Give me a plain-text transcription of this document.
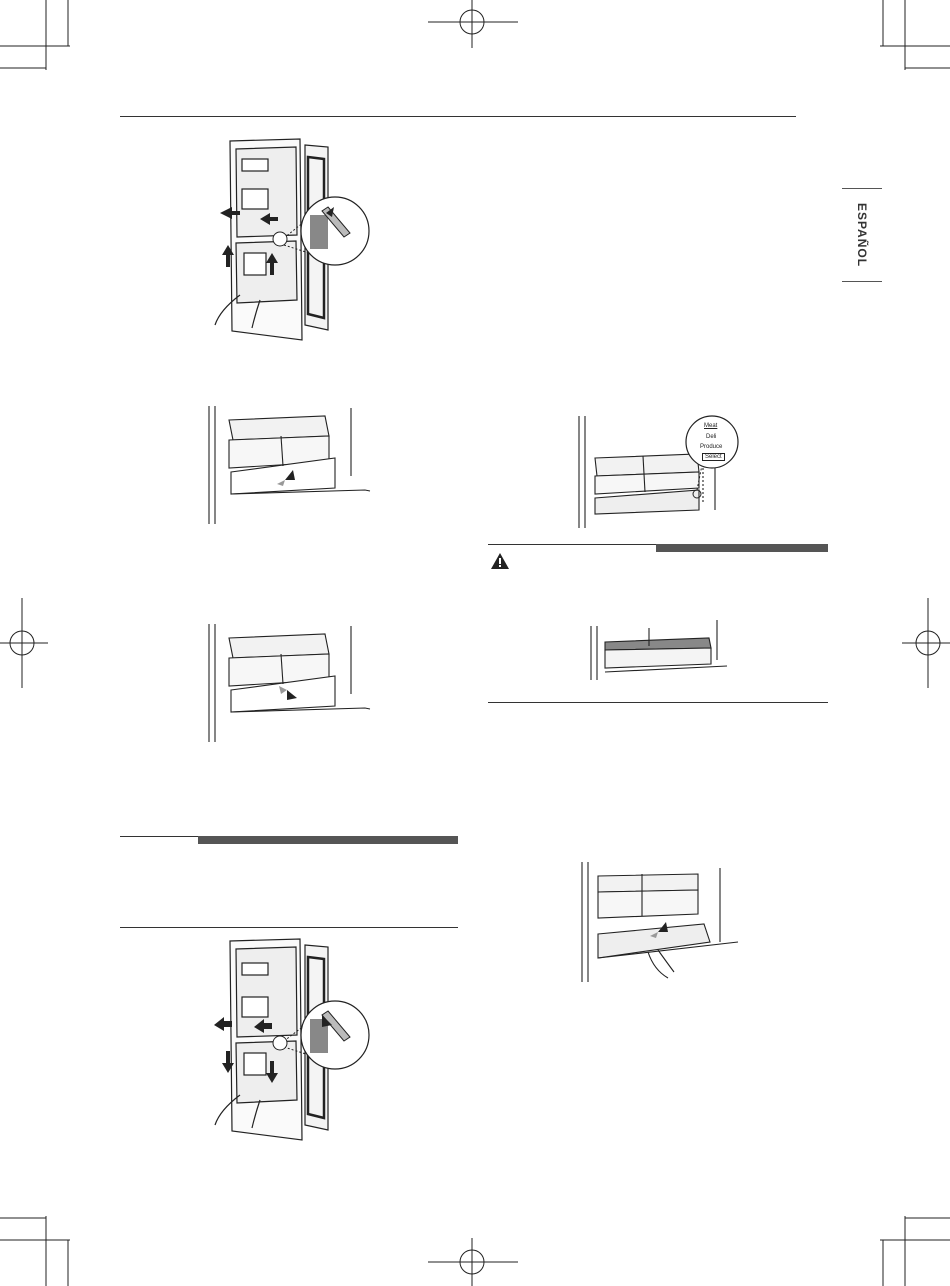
ESPAÑOL
Meat
Deli
Produce
Select
